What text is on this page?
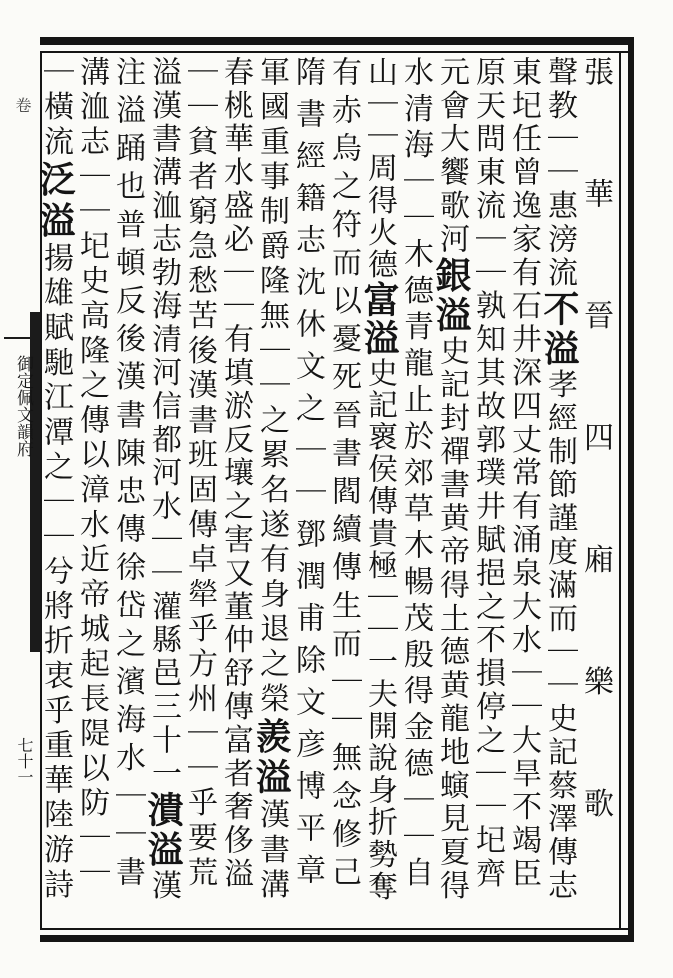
卷
御定佩文韻府
七十一	張華晉四廂樂歌
聲教｜｜惠滂流不溢孝經制節謹度滿而｜｜史記蔡澤傳志
東𡉏任曾逸家有石井深四丈常有涌泉大水｜｜大旱不竭臣
原天問東流｜｜孰知其故郭璞井賦挹之不損停之｜｜𡉏齊
元會大饗歌河銀溢史記封禪書黄帝得土德黄龍地螾見夏得
水清海｜｜木德青龍止於郊草木暢茂殷得金德｜｜自
山｜｜周得火德富溢史記褱侯傳貴極｜｜一夫開說身折勢奪
有赤烏之符而以憂死晉書閻續傳生而｜｜無念修己
隋書經籍志沈休文之｜｜鄧潤甫除文彦博平章
軍國重事制爵隆無｜｜之累名遂有身退之榮羨溢漢書溝
春桃華水盛必｜｜有填淤反壤之害又董仲舒傳富者奢侈溢
｜｜貧者窮急愁苦後漢書班固傳卓犖乎方州｜｜乎要荒
溢漢書溝洫志勃海清河信都河水｜｜灌縣邑三十一潰溢漢
注溢踊也普頓反後漢書陳忠傳徐岱之濱海水｜｜書
溝洫志｜｜𡉏史高隆之傳以漳水近帝城起長隄以防｜｜
｜橫流泛溢揚雄賦馳江潭之｜｜兮將折衷乎重華陸游詩
